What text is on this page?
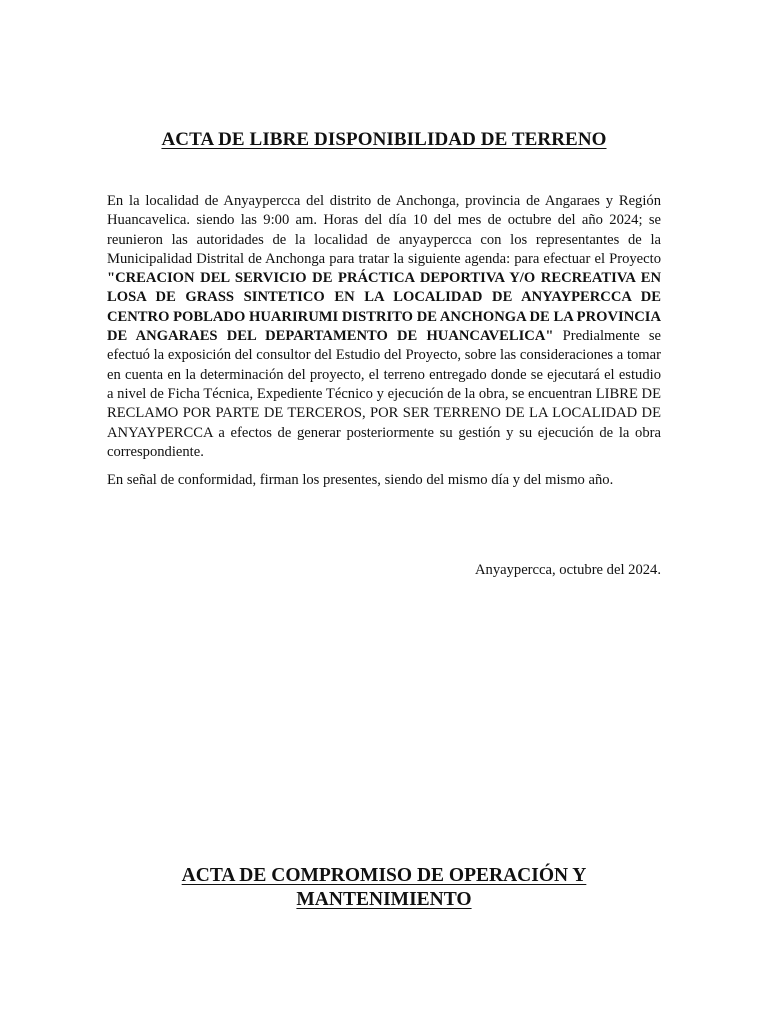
ACTA DE LIBRE DISPONIBILIDAD DE TERRENO

En la localidad de Anyaypercca del distrito de Anchonga, provincia de Angaraes y Región Huancavelica. siendo las 9:00 am. Horas del día 10 del mes de octubre del año 2024; se reunieron las autoridades de la localidad de anyaypercca con los representantes de la Municipalidad Distrital de Anchonga para tratar la siguiente agenda: para efectuar el Proyecto "CREACION DEL SERVICIO DE PRÁCTICA DEPORTIVA Y/O RECREATIVA EN LOSA DE GRASS SINTETICO EN LA LOCALIDAD DE ANYAYPERCCA DE CENTRO POBLADO HUARIRUMI DISTRITO DE ANCHONGA DE LA PROVINCIA DE ANGARAES DEL DEPARTAMENTO DE HUANCAVELICA" Predialmente se efectuó la exposición del consultor del Estudio del Proyecto, sobre las consideraciones a tomar en cuenta en la determinación del proyecto, el terreno entregado donde se ejecutará el estudio a nivel de Ficha Técnica, Expediente Técnico y ejecución de la obra, se encuentran LIBRE DE RECLAMO POR PARTE DE TERCEROS, POR SER TERRENO DE LA LOCALIDAD DE ANYAYPERCCA a efectos de generar posteriormente su gestión y su ejecución de la obra correspondiente.

En señal de conformidad, firman los presentes, siendo del mismo día y del mismo año.

Anyaypercca, octubre del 2024.
ACTA DE COMPROMISO DE OPERACIÓN Y
MANTENIMIENTO
